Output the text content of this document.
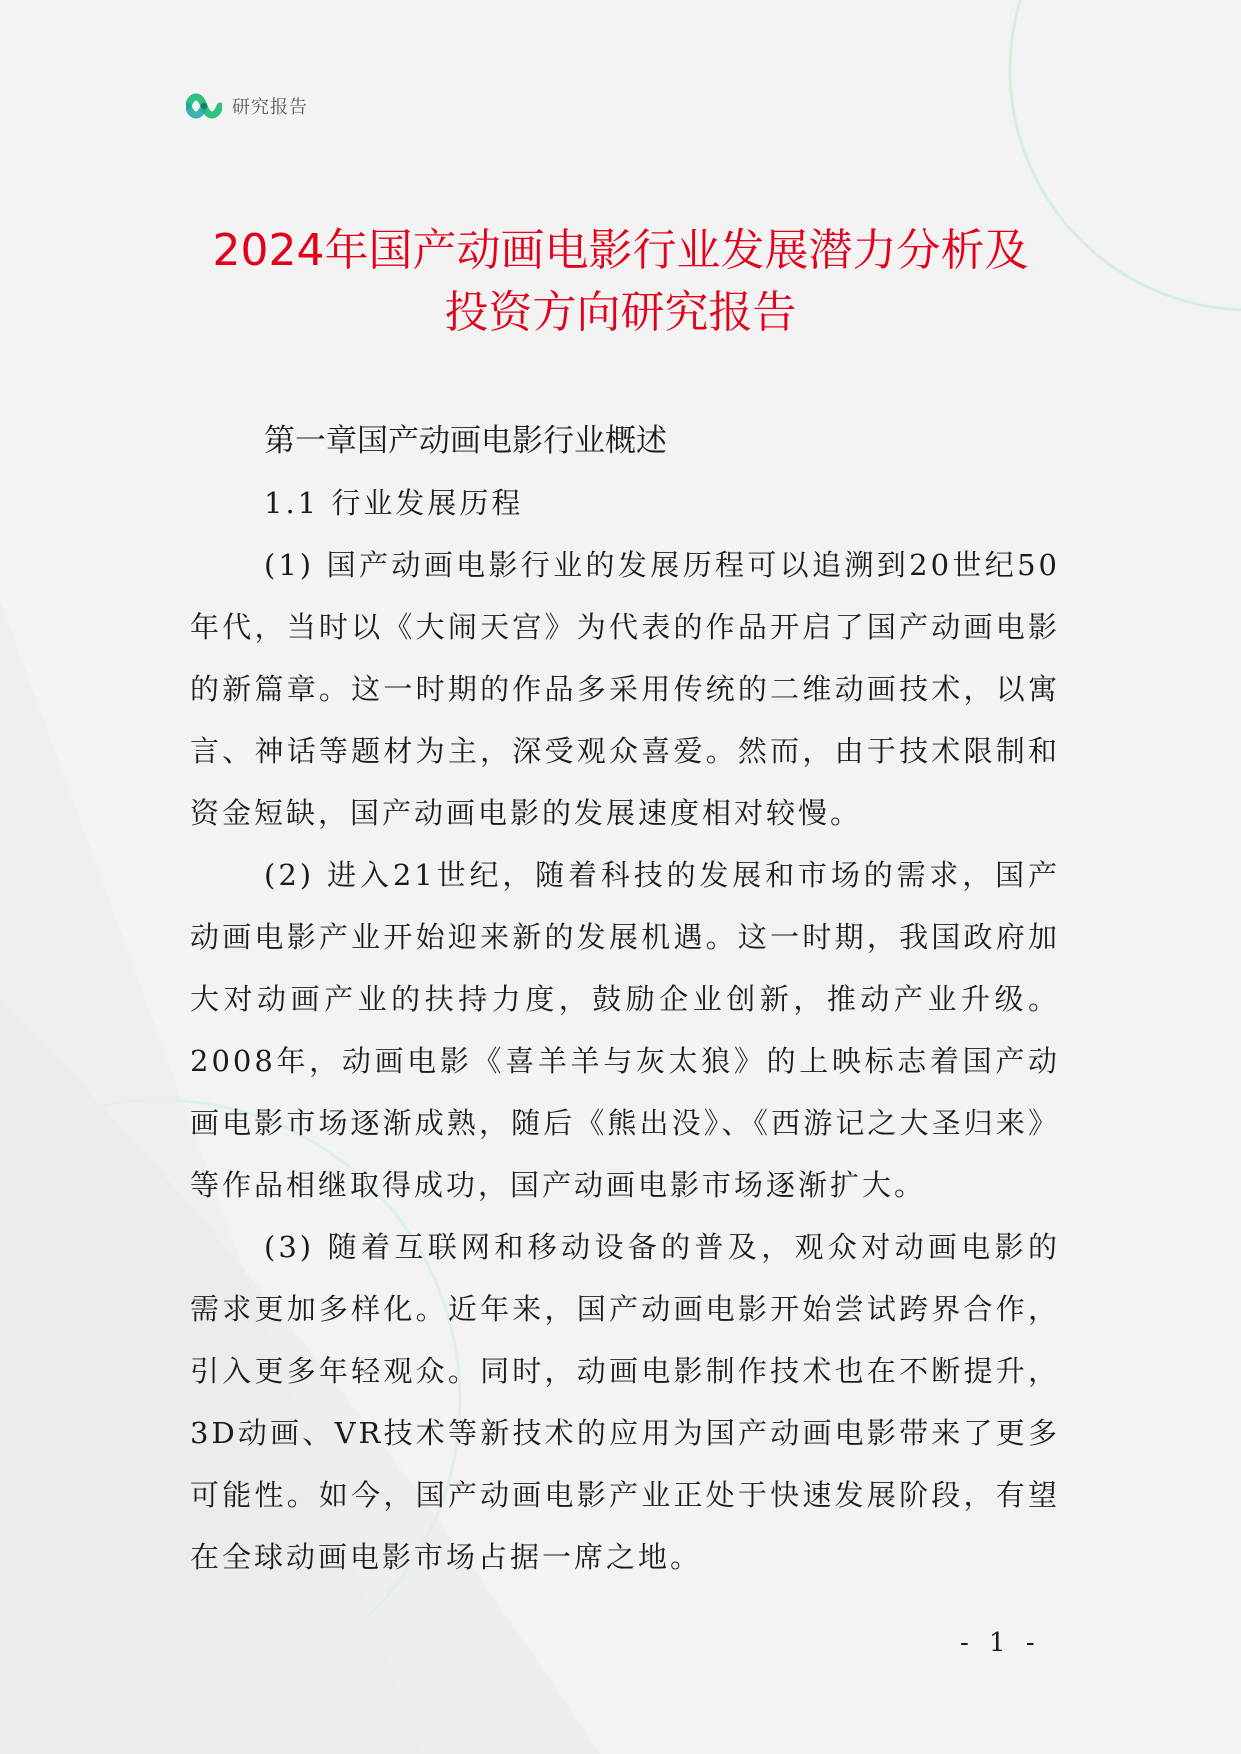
研究报告
2024年国产动画电影行业发展潜力分析及
投资方向研究报告
第一章国产动画电影行业概述

1.1 行业发展历程

(1) 国产动画电影行业的发展历程可以追溯到20世纪50年代，当时以《大闹天宫》为代表的作品开启了国产动画电影的新篇章。这一时期的作品多采用传统的二维动画技术，以寓言、神话等题材为主，深受观众喜爱。然而，由于技术限制和资金短缺，国产动画电影的发展速度相对较慢。

(2) 进入21世纪，随着科技的发展和市场的需求，国产动画电影产业开始迎来新的发展机遇。这一时期，我国政府加大对动画产业的扶持力度，鼓励企业创新，推动产业升级。2008年，动画电影《喜羊羊与灰太狼》的上映标志着国产动画电影市场逐渐成熟，随后《熊出没》、《西游记之大圣归来》等作品相继取得成功，国产动画电影市场逐渐扩大。

(3) 随着互联网和移动设备的普及，观众对动画电影的需求更加多样化。近年来，国产动画电影开始尝试跨界合作，引入更多年轻观众。同时，动画电影制作技术也在不断提升，3D动画、VR技术等新技术的应用为国产动画电影带来了更多可能性。如今，国产动画电影产业正处于快速发展阶段，有望在全球动画电影市场占据一席之地。

- 1 -
